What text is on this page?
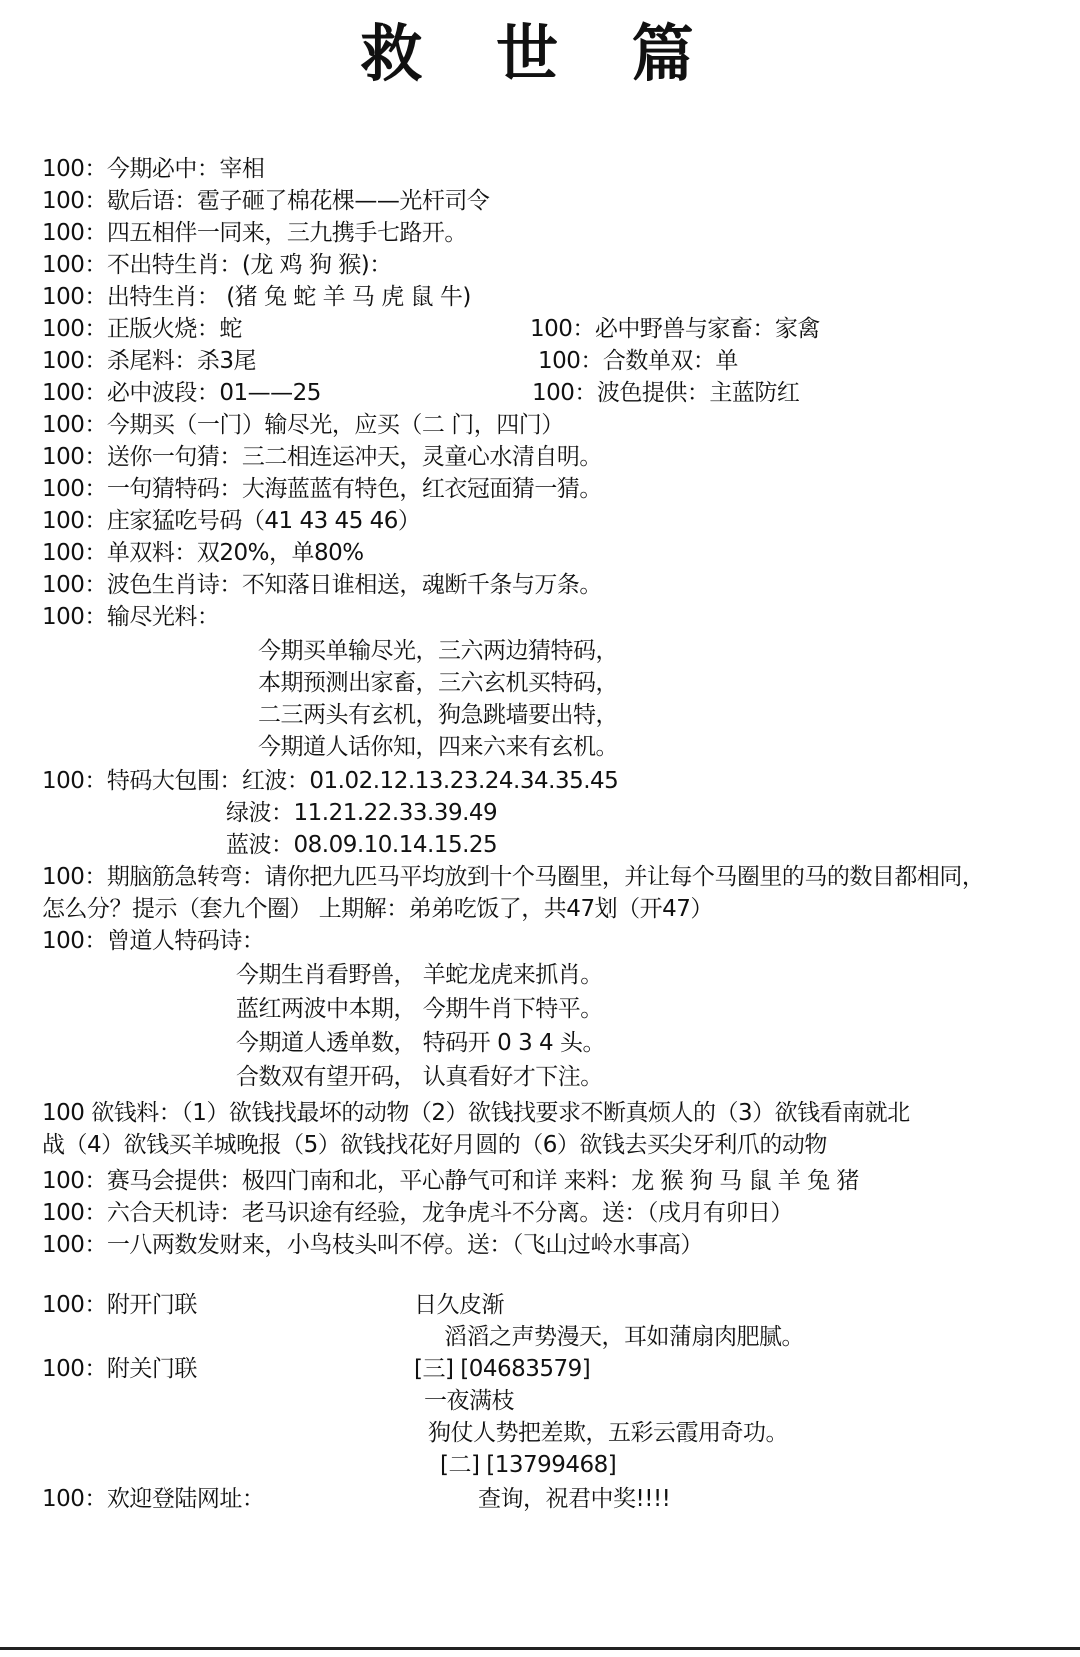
救 世 篇
100：今期必中：宰相
100：歇后语：雹子砸了棉花棵——光杆司令
100：四五相伴一同来，三九携手七路开。
100：不出特生肖：(龙 鸡 狗 猴)：
100：出特生肖： (猪 兔 蛇 羊 马 虎 鼠 牛)
100：正版火烧：蛇	100：必中野兽与家畜：家禽
100：杀尾料：杀3尾	100：合数单双：单
100：必中波段：01——25	100：波色提供：主蓝防红
100：今期买（一门）输尽光，应买（二 门，四门）
100：送你一句猜：三二相连运冲天，灵童心水清自明。
100：一句猜特码：大海蓝蓝有特色，红衣冠面猜一猜。
100：庄家猛吃号码（41 43 45 46）
100：单双料：双20%，单80%
100：波色生肖诗：不知落日谁相送，魂断千条与万条。
100：输尽光料：
今期买单输尽光，三六两边猜特码，
本期预测出家畜，三六玄机买特码，
二三两头有玄机，狗急跳墙要出特，
今期道人话你知，四来六来有玄机。
100：特码大包围：红波：01.02.12.13.23.24.34.35.45
绿波：11.21.22.33.39.49
蓝波：08.09.10.14.15.25
100：期脑筋急转弯：请你把九匹马平均放到十个马圈里，并让每个马圈里的马的数目都相同，
怎么分？提示（套九个圈） 上期解：弟弟吃饭了，共47划（开47）
100：曾道人特码诗：
今期生肖看野兽， 羊蛇龙虎来抓肖。
蓝红两波中本期， 今期牛肖下特平。
今期道人透单数， 特码开 0 3 4 头。
合数双有望开码， 认真看好才下注。
100 欲钱料：（1）欲钱找最坏的动物（2）欲钱找要求不断真烦人的（3）欲钱看南就北
战（4）欲钱买羊城晚报（5）欲钱找花好月圆的（6）欲钱去买尖牙利爪的动物
100：赛马会提供：极四门南和北，平心静气可和详 来料：龙 猴 狗 马 鼠 羊 兔 猪
100：六合天机诗：老马识途有经验，龙争虎斗不分离。送：（戌月有卯日）
100：一八两数发财来，小鸟枝头叫不停。送：（飞山过岭水事高）
100：附开门联	日久皮渐
滔滔之声势漫天，耳如蒲扇肉肥腻。
100：附关门联	[三] [04683579]
一夜满枝
狗仗人势把差欺，五彩云霞用奇功。
[二] [13799468]
100：欢迎登陆网址：	查询，祝君中奖!!!!
